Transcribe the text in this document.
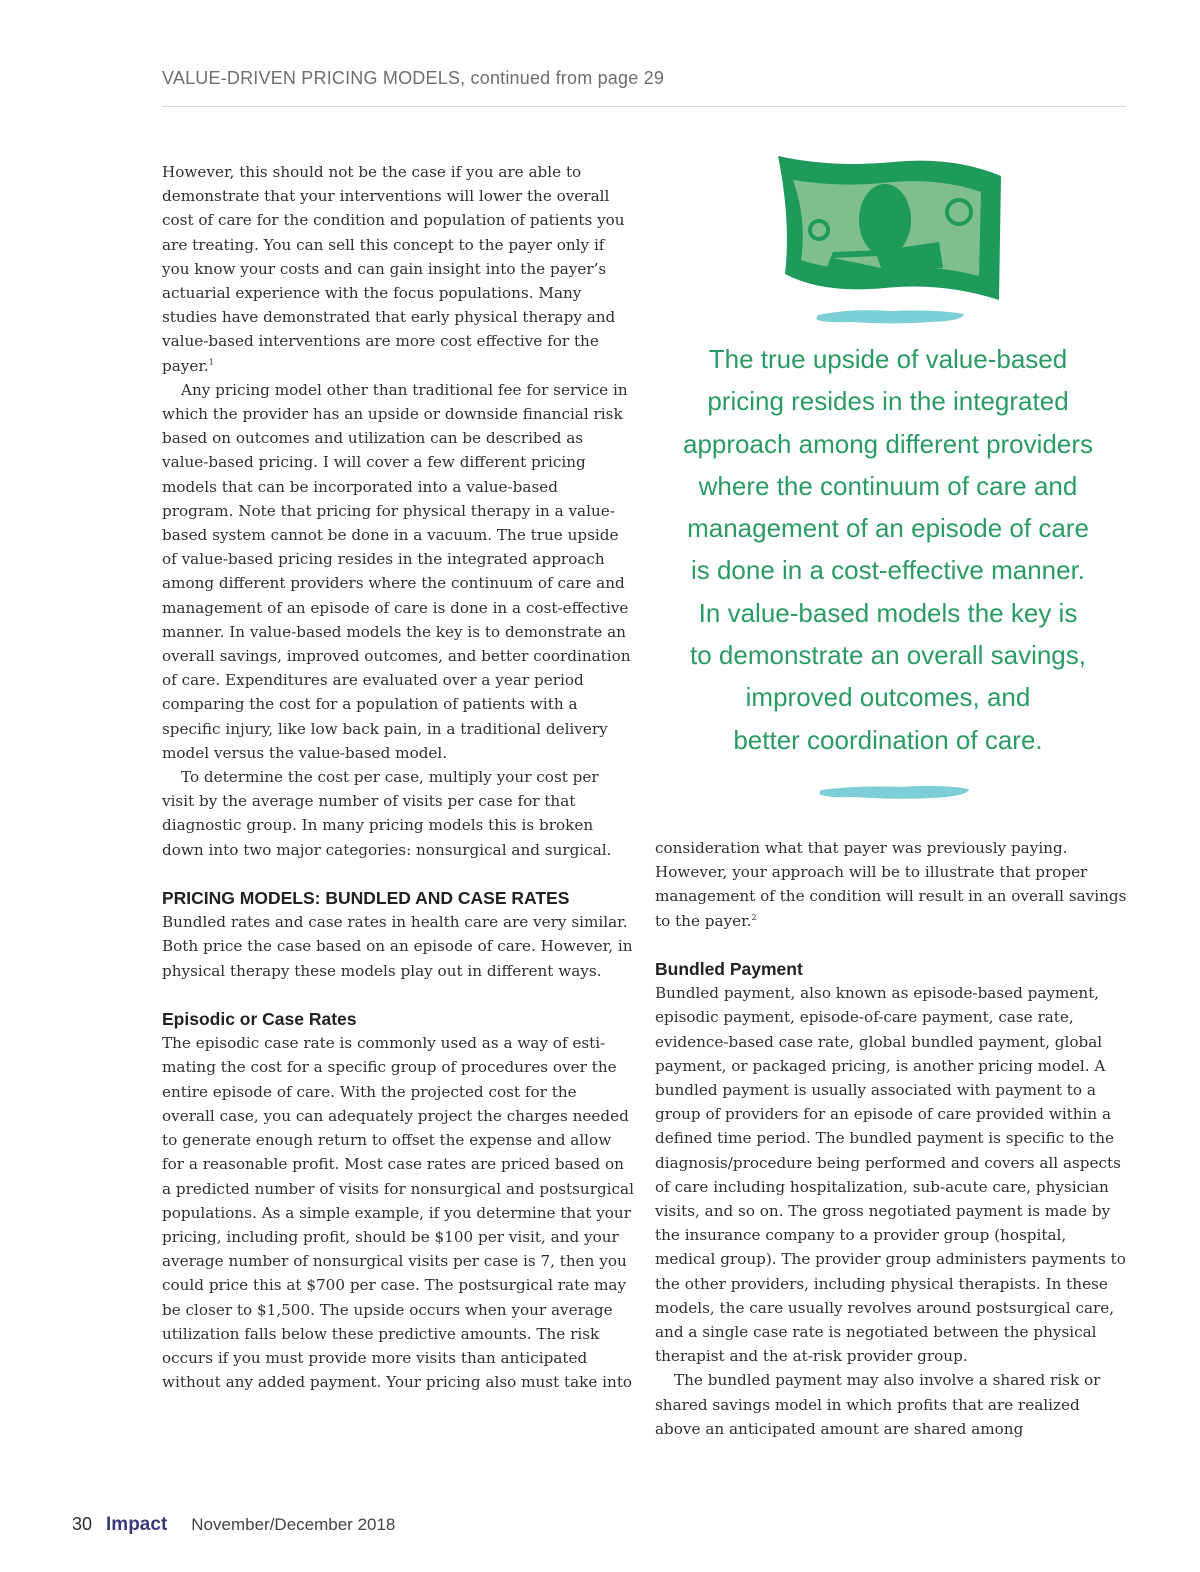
VALUE-DRIVEN PRICING MODELS, continued from page 29

However, this should not be the case if you are able to demonstrate that your interventions will lower the overall cost of care for the condition and population of patients you are treating. You can sell this concept to the payer only if you know your costs and can gain insight into the payer’s actuarial experience with the focus populations. Many studies have demonstrated that early physical therapy and value-based interventions are more cost effective for the payer.$^1$

Any pricing model other than traditional fee for service in which the provider has an upside or downside financial risk based on outcomes and utilization can be described as value-based pricing. I will cover a few different pricing models that can be incorporated into a value-based program. Note that pricing for physical therapy in a value-based system cannot be done in a vacuum. The true upside of value-based pricing resides in the integrated approach among different providers where the continuum of care and management of an episode of care is done in a cost-effective manner. In value-based models the key is to demonstrate an overall savings, improved outcomes, and better coordination of care. Expenditures are evaluated over a year period comparing the cost for a population of patients with a specific injury, like low back pain, in a traditional delivery model versus the value-based model.

To determine the cost per case, multiply your cost per visit by the average number of visits per case for that diagnostic group. In many pricing models this is broken down into two major categories: nonsurgical and surgical.

PRICING MODELS: BUNDLED AND CASE RATES

Bundled rates and case rates in health care are very similar. Both price the case based on an episode of care. However, in physical therapy these models play out in different ways.

Episodic or Case Rates

The episodic case rate is commonly used as a way of estimating the cost for a specific group of procedures over the entire episode of care. With the projected cost for the overall case, you can adequately project the charges needed to generate enough return to offset the expense and allow for a reasonable profit. Most case rates are priced based on a predicted number of visits for nonsurgical and postsurgical populations. As a simple example, if you determine that your pricing, including profit, should be $100 per visit, and your average number of nonsurgical visits per case is 7, then you could price this at $700 per case. The postsurgical rate may be closer to $1,500. The upside occurs when your average utilization falls below these predictive amounts. The risk occurs if you must provide more visits than anticipated without any added payment. Your pricing also must take into

The true upside of value-based
pricing resides in the integrated
approach among different providers
where the continuum of care and
management of an episode of care
is done in a cost-effective manner.
In value-based models the key is
to demonstrate an overall savings,
improved outcomes, and
better coordination of care.

consideration what that payer was previously paying. However, your approach will be to illustrate that proper management of the condition will result in an overall savings to the payer.$^2$

Bundled Payment

Bundled payment, also known as episode-based payment, episodic payment, episode-of-care payment, case rate, evidence-based case rate, global bundled payment, global payment, or packaged pricing, is another pricing model. A bundled payment is usually associated with payment to a group of providers for an episode of care provided within a defined time period. The bundled payment is specific to the diagnosis/procedure being performed and covers all aspects of care including hospitalization, sub-acute care, physician visits, and so on. The gross negotiated payment is made by the insurance company to a provider group (hospital, medical group). The provider group administers payments to the other providers, including physical therapists. In these models, the care usually revolves around postsurgical care, and a single case rate is negotiated between the physical therapist and the at-risk provider group.

The bundled payment may also involve a shared risk or shared savings model in which profits that are realized above an anticipated amount are shared among

30 Impact November/December 2018
